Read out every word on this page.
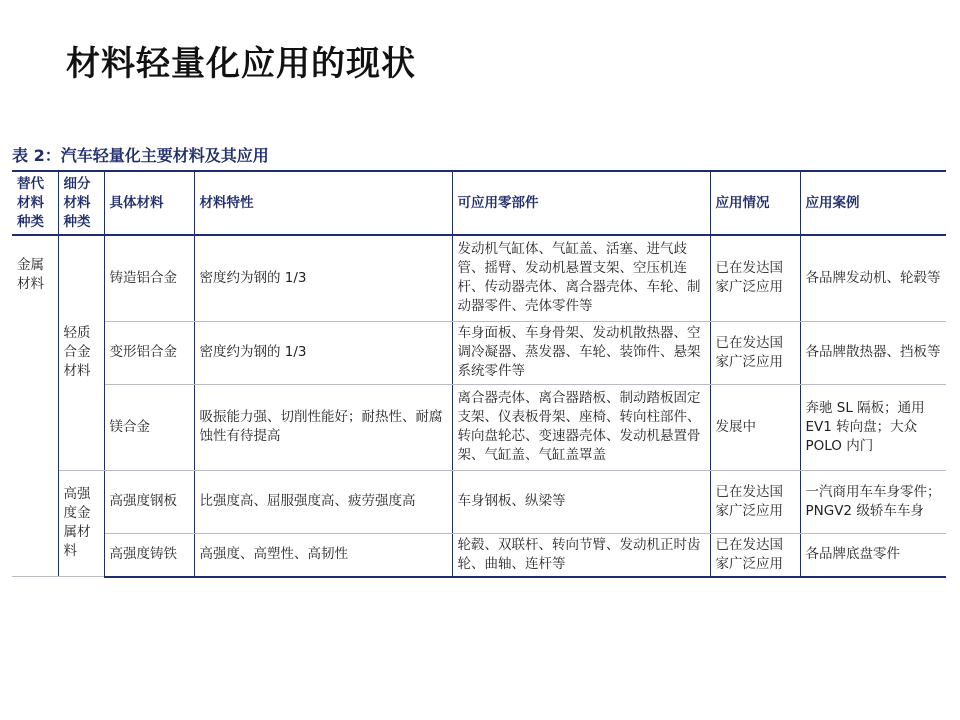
材料轻量化应用的现状
表 2：汽车轻量化主要材料及其应用
替代材料种类	细分材料种类	具体材料	材料特性	可应用零部件	应用情况	应用案例
金属材料	轻质合金材料	铸造铝合金	密度约为钢的 1/3	发动机气缸体、气缸盖、活塞、进气歧管、摇臂、发动机悬置支架、空压机连杆、传动器壳体、离合器壳体、车轮、制动器零件、壳体零件等	已在发达国家广泛应用	各品牌发动机、轮毂等
		变形铝合金	密度约为钢的 1/3	车身面板、车身骨架、发动机散热器、空调冷凝器、蒸发器、车轮、装饰件、悬架系统零件等	已在发达国家广泛应用	各品牌散热器、挡板等
		镁合金	吸振能力强、切削性能好；耐热性、耐腐蚀性有待提高	离合器壳体、离合器踏板、制动踏板固定支架、仪表板骨架、座椅、转向柱部件、转向盘轮芯、变速器壳体、发动机悬置骨架、气缸盖、气缸盖罩盖	发展中	奔驰 SL 隔板；通用 EV1 转向盘；大众 POLO 内门
	高强度金属材料	高强度钢板	比强度高、屈服强度高、疲劳强度高	车身钢板、纵梁等	已在发达国家广泛应用	一汽商用车车身零件；PNGV2 级轿车车身
		高强度铸铁	高强度、高塑性、高韧性	轮毂、双联杆、转向节臂、发动机正时齿轮、曲轴、连杆等	已在发达国家广泛应用	各品牌底盘零件
